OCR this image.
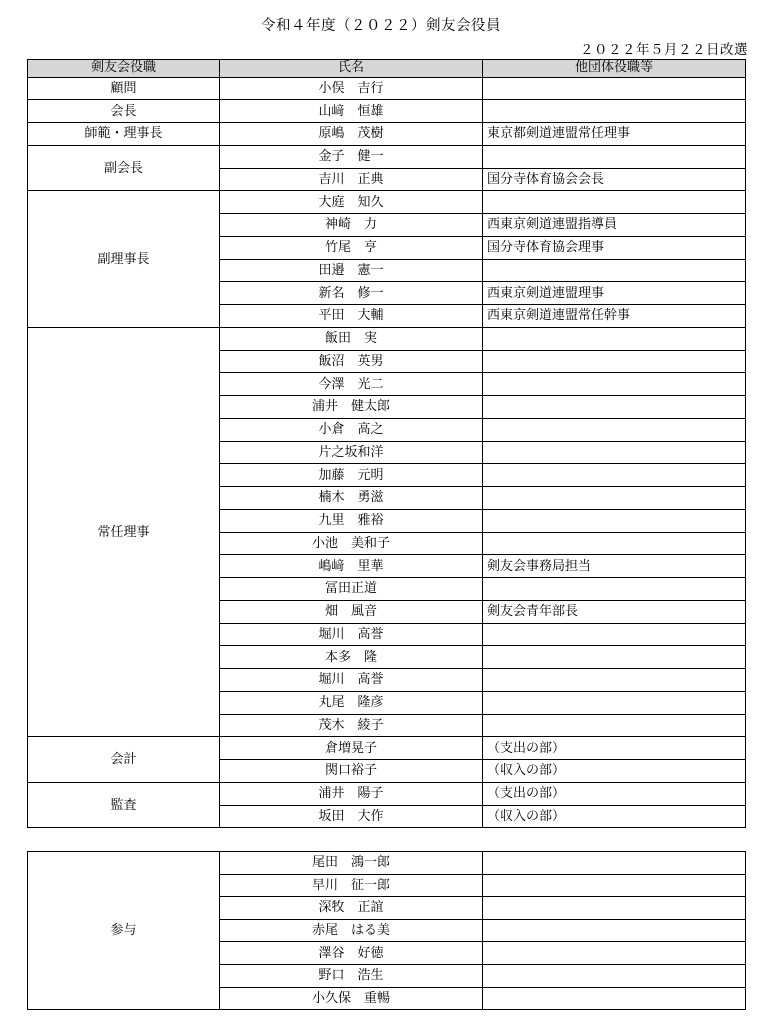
令和４年度（２０２２）剣友会役員
２０２２年５月２２日改選
剣友会役職	氏名	他団体役職等
顧問	小俣　吉行	
会長	山﨑　恒雄	
師範・理事長	原嶋　茂樹	東京都剣道連盟常任理事
副会長	金子　健一	
	吉川　正典	国分寺体育協会会長
副理事長	大庭　知久	
	神崎　力	西東京剣道連盟指導員
	竹尾　亨	国分寺体育協会理事
	田邉　憲一	
	新名　修一	西東京剣道連盟理事
	平田　大輔	西東京剣道連盟常任幹事
常任理事	飯田　実	
	飯沼　英男	
	今澤　光二	
	浦井　健太郎	
	小倉　高之	
	片之坂和洋	
	加藤　元明	
	楠木　勇滋	
	九里　雅裕	
	小池　美和子	
	嶋﨑　里華	剣友会事務局担当
	冨田正道	
	畑　風音	剣友会青年部長
	堀川　高誉	
	本多　隆	
	堀川　高誉	
	丸尾　隆彦	
	茂木　綾子	
会計	倉増晃子	（支出の部）
	関口裕子	（収入の部）
監査	浦井　陽子	（支出の部）
	坂田　大作	（収入の部）
参与	尾田　鴻一郎	
	早川　征一郎	
	深牧　正誼	
	赤尾　はる美	
	澤谷　好徳	
	野口　浩生	
	小久保　重暢	
